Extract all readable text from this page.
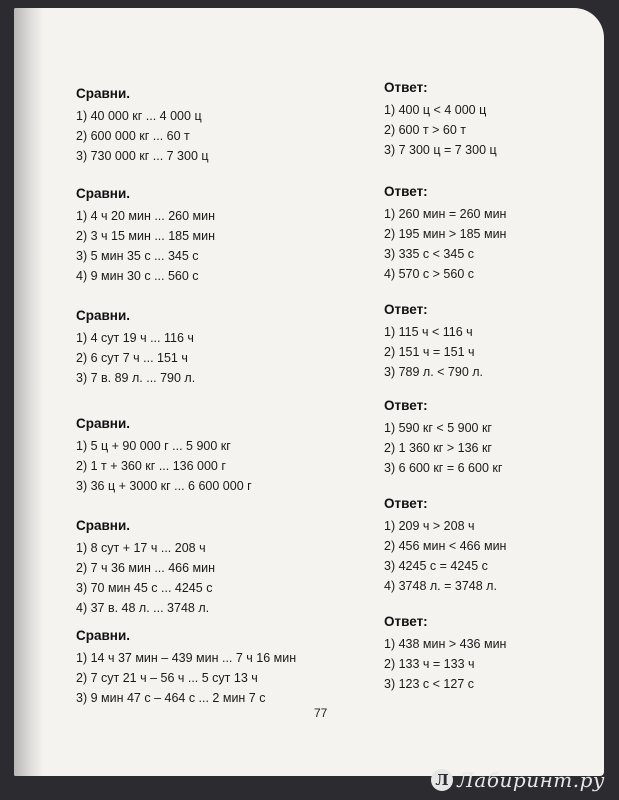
Сравни.
1) 40 000 кг ... 4 000 ц
2) 600 000 кг ... 60 т
3) 730 000 кг ... 7 300 ц
Сравни.
1) 4 ч 20 мин ... 260 мин
2) 3 ч 15 мин ... 185 мин
3) 5 мин 35 с ... 345 с
4) 9 мин 30 с ... 560 с
Сравни.
1) 4 сут 19 ч ... 116 ч
2) 6 сут 7 ч ... 151 ч
3) 7 в. 89 л. ... 790 л.
Сравни.
1) 5 ц + 90 000 г ... 5 900 кг
2) 1 т + 360 кг ... 136 000 г
3) 36 ц + 3000 кг ... 6 600 000 г
Сравни.
1) 8 сут + 17 ч ... 208 ч
2) 7 ч 36 мин ... 466 мин
3) 70 мин 45 с ... 4245 с
4) 37 в. 48 л. ... 3748 л.
Сравни.
1) 14 ч 37 мин – 439 мин ... 7 ч 16 мин
2) 7 сут 21 ч – 56 ч ... 5 сут 13 ч
3) 9 мин 47 с – 464 с ... 2 мин 7 с
Ответ:
1) 400 ц < 4 000 ц
2) 600 т > 60 т
3) 7 300 ц = 7 300 ц
Ответ:
1) 260 мин = 260 мин
2) 195 мин > 185 мин
3) 335 с < 345 с
4) 570 с > 560 с
Ответ:
1) 115 ч < 116 ч
2) 151 ч = 151 ч
3) 789 л. < 790 л.
Ответ:
1) 590 кг < 5 900 кг
2) 1 360 кг > 136 кг
3) 6 600 кг = 6 600 кг
Ответ:
1) 209 ч > 208 ч
2) 456 мин < 466 мин
3) 4245 с = 4245 с
4) 3748 л. = 3748 л.
Ответ:
1) 438 мин > 436 мин
2) 133 ч = 133 ч
3) 123 с < 127 с
77
Л Лабиринт.ру
